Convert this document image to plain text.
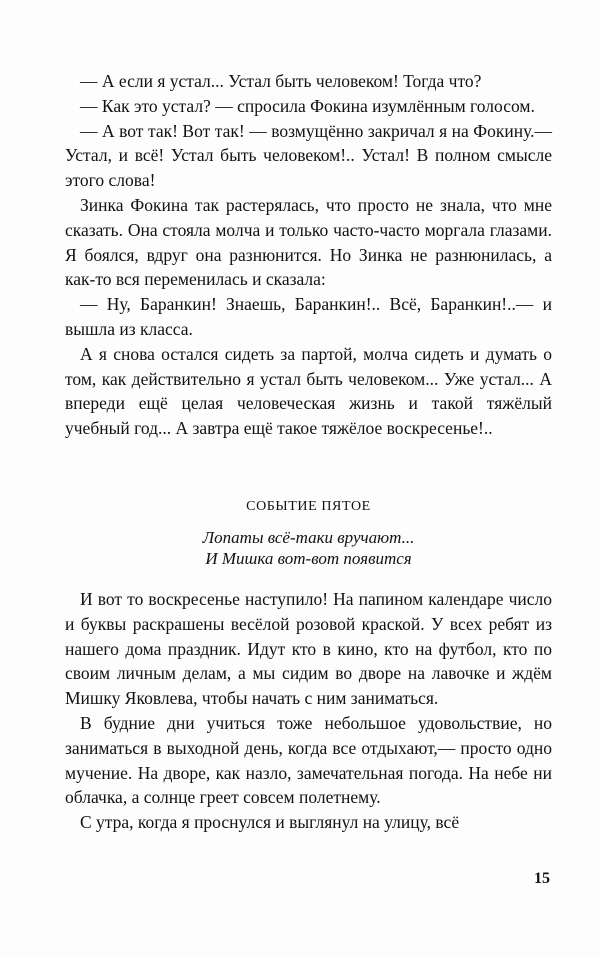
— А если я устал... Устал быть человеком! Тогда что?

— Как это устал? — спросила Фокина изумлённым голосом.

— А вот так! Вот так! — возмущённо закричал я на Фокину.— Устал, и всё! Устал быть человеком!.. Устал! В полном смысле этого слова!

Зинка Фокина так растерялась, что просто не знала, что мне сказать. Она стояла молча и только часто-часто моргала глазами. Я боялся, вдруг она разнюнится. Но Зинка не разнюнилась, а как-то вся переменилась и сказала:

— Ну, Баранкин! Знаешь, Баранкин!.. Всё, Баранкин!..— и вышла из класса.

А я снова остался сидеть за партой, молча сидеть и думать о том, как действительно я устал быть человеком... Уже устал... А впереди ещё целая человеческая жизнь и такой тяжёлый учебный год... А завтра ещё такое тяжёлое воскресенье!..

СОБЫТИЕ ПЯТОЕ

Лопаты всё-таки вручают...
И Мишка вот-вот появится

И вот то воскресенье наступило! На папином календаре число и буквы раскрашены весёлой розовой краской. У всех ребят из нашего дома праздник. Идут кто в кино, кто на футбол, кто по своим личным делам, а мы сидим во дворе на лавочке и ждём Мишку Яковлева, чтобы начать с ним заниматься.

В будние дни учиться тоже небольшое удовольствие, но заниматься в выходной день, когда все отдыхают,— просто одно мучение. На дворе, как назло, замечательная погода. На небе ни облачка, а солнце греет совсем полетнему.

С утра, когда я проснулся и выглянул на улицу, всё

15
